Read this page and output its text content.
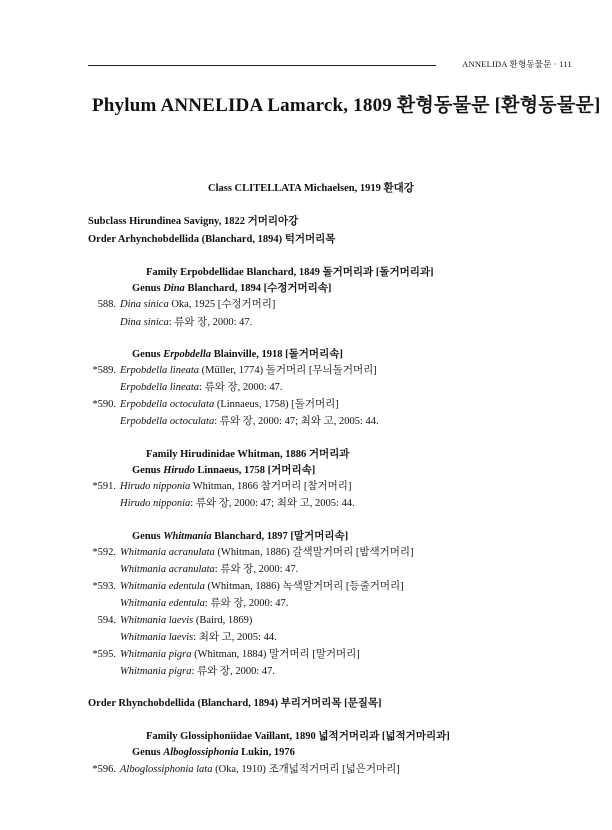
ANNELIDA 환형동물문 · 111
Phylum ANNELIDA Lamarck, 1809 환형동물문 [환형동물문]
Class CLITELLATA Michaelsen, 1919 환대강
Subclass Hirundinea Savigny, 1822 거머리아강
Order Arhynchobdellida (Blanchard, 1894) 턱거머리목
Family Erpobdellidae Blanchard, 1849 돌거머리과 [돌거머리과]
Genus Dina Blanchard, 1894 [수정거머리속]
588. Dina sinica Oka, 1925 [수정거머리]
Dina sinica: 류와 장, 2000: 47.
Genus Erpobdella Blainville, 1918 [돌거머리속]
*589. Erpobdella lineata (Müller, 1774) 돌거머리 [무늬돌거머리]
Erpobdella lineata: 류와 장, 2000: 47.
*590. Erpobdella octoculata (Linnaeus, 1758) [돌거머리]
Erpobdella octoculata: 류와 장, 2000: 47; 최와 고, 2005: 44.
Family Hirudinidae Whitman, 1886 거머리과
Genus Hirudo Linnaeus, 1758 [거머리속]
*591. Hirudo nipponia Whitman, 1866 참거머리 [참거머리]
Hirudo nipponia: 류와 장, 2000: 47; 최와 고, 2005: 44.
Genus Whitmania Blanchard, 1897 [말거머리속]
*592. Whitmania acranulata (Whitman, 1886) 갈색말거머리 [밤색거머리]
Whitmania acranulata: 류와 장, 2000: 47.
*593. Whitmania edentula (Whitman, 1886) 녹색말거머리 [등줄거머리]
Whitmania edentula: 류와 장, 2000: 47.
594. Whitmania laevis (Baird, 1869)
Whitmania laevis: 최와 고, 2005: 44.
*595. Whitmania pigra (Whitman, 1884) 말거머리 [말거머리]
Whitmania pigra: 류와 장, 2000: 47.
Order Rhynchobdellida (Blanchard, 1894) 부리거머리목 [문질목]
Family Glossiphoniidae Vaillant, 1890 넓적거머리과 [넓적거마리과]
Genus Alboglossiphonia Lukin, 1976
*596. Alboglossiphonia lata (Oka, 1910) 조개넓적거머리 [넓은거마리]
